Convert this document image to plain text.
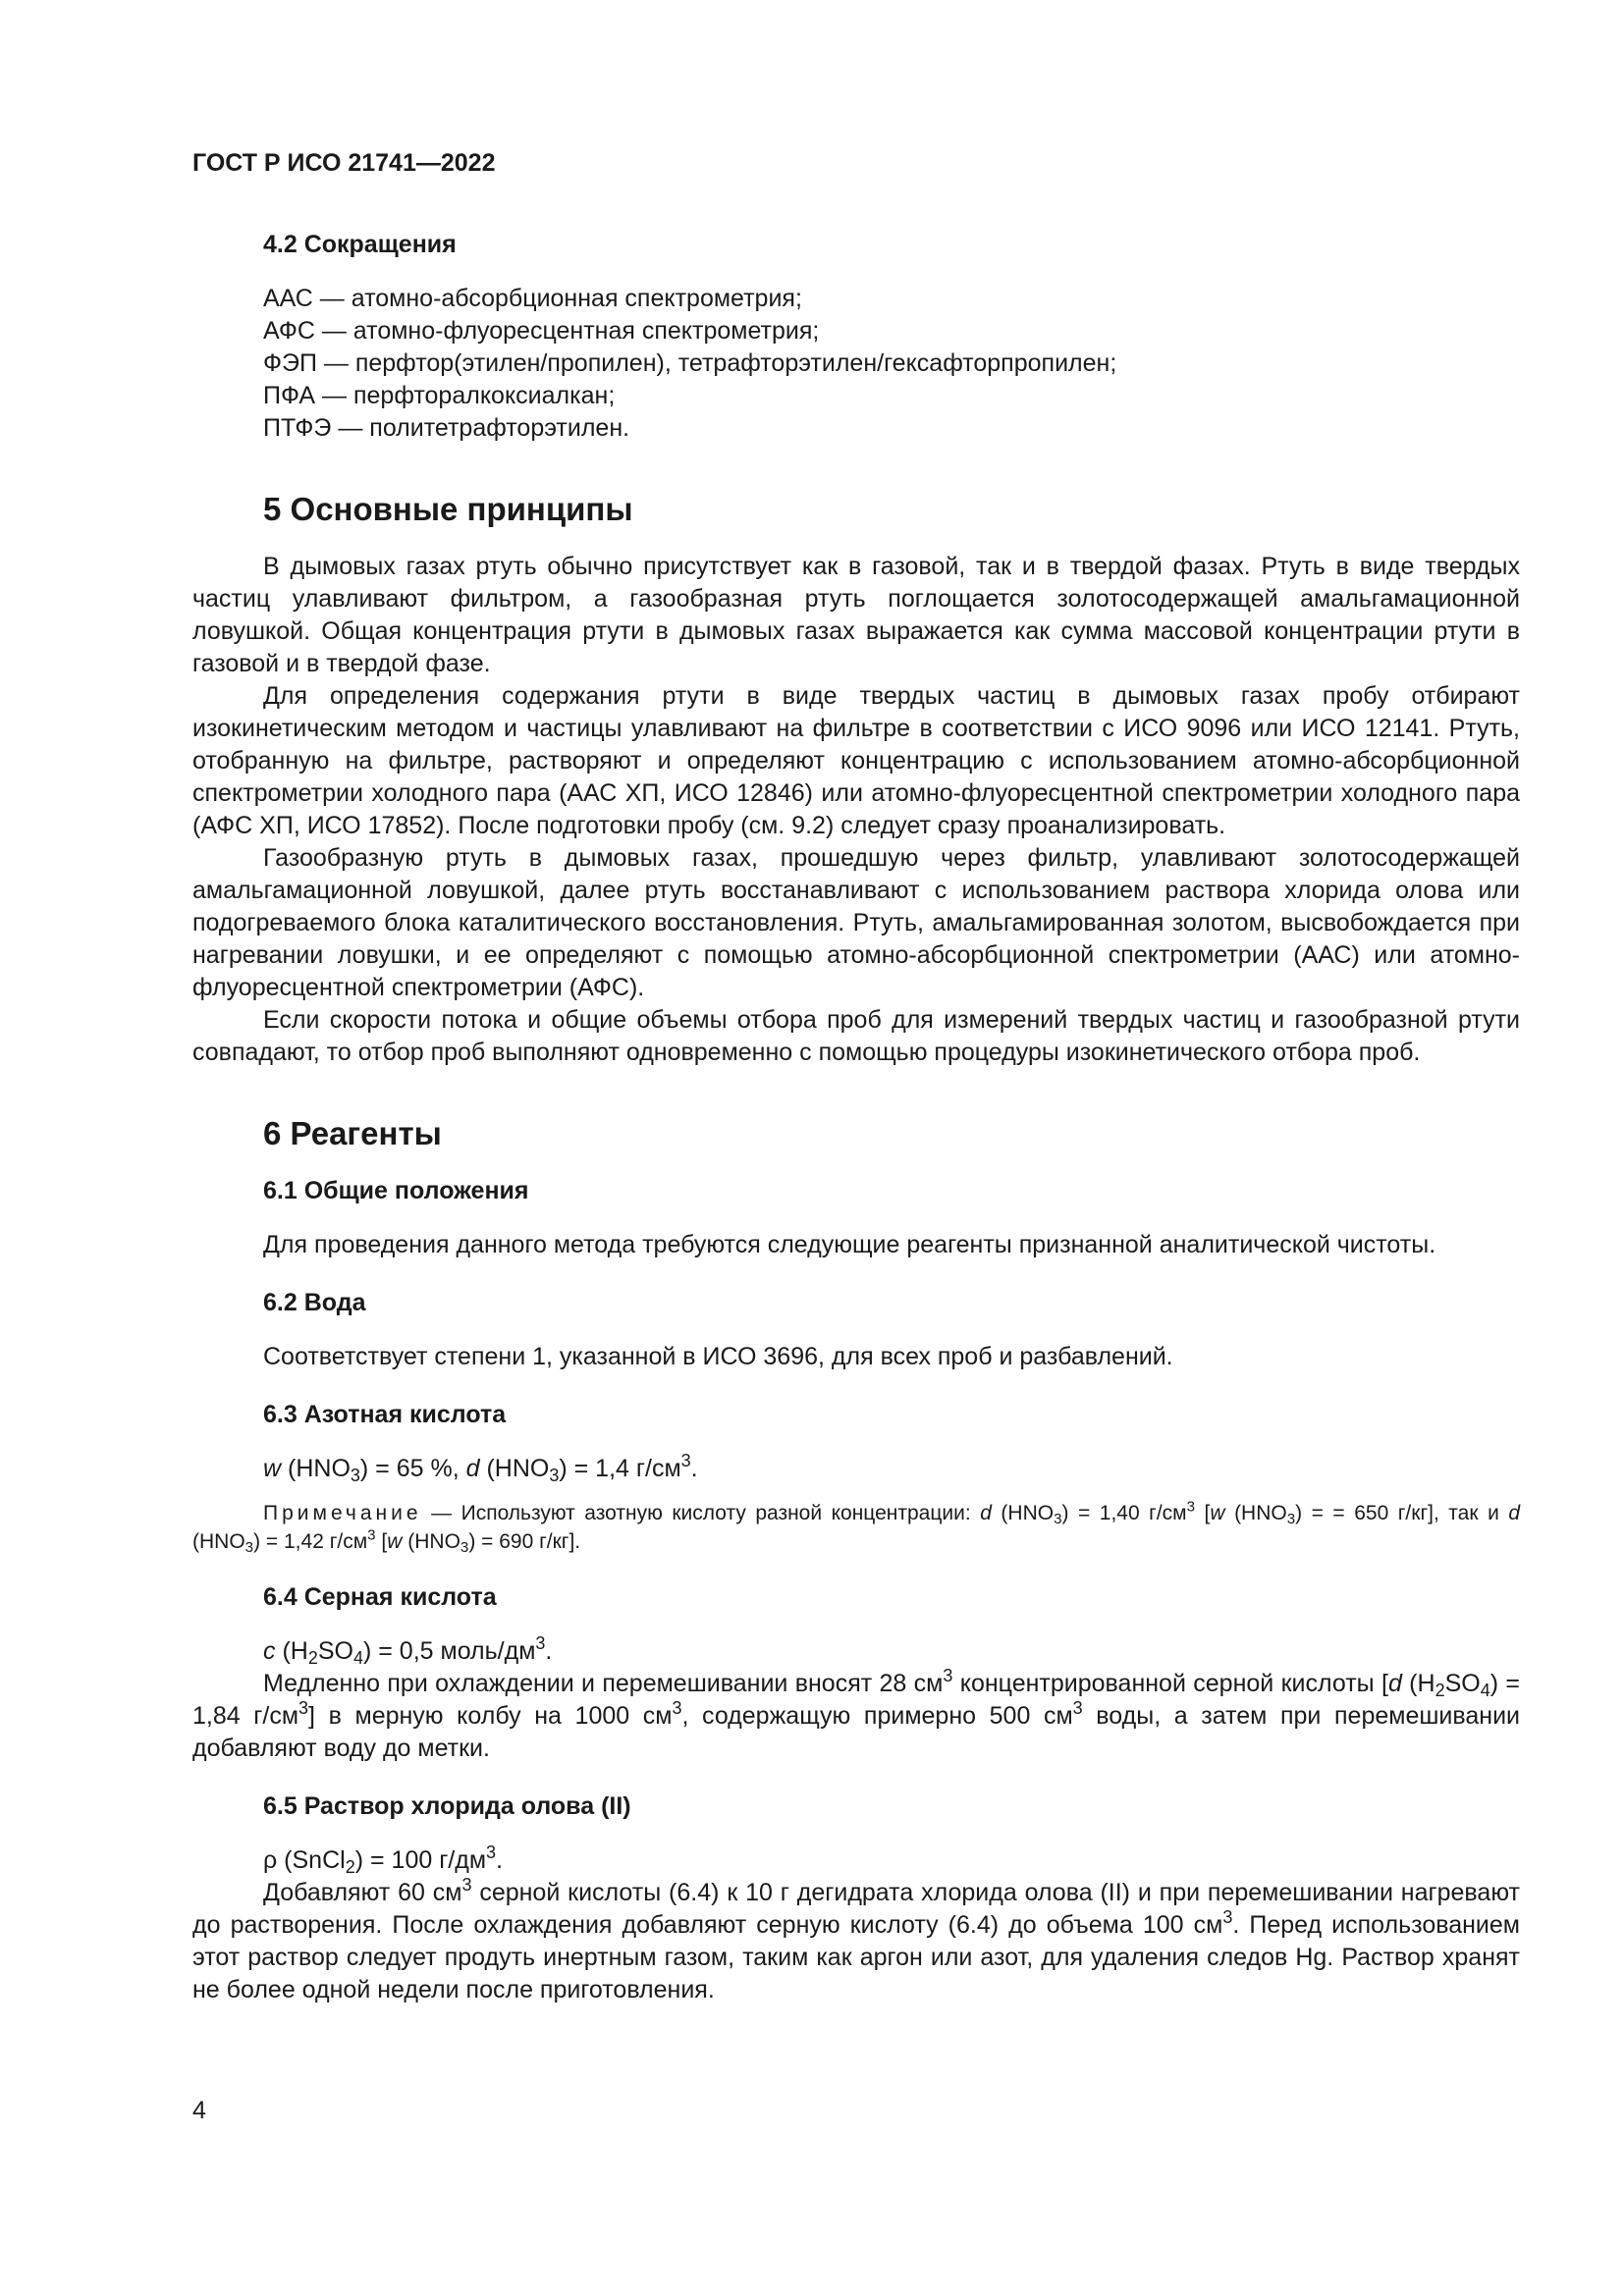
ГОСТ Р ИСО 21741—2022
4.2 Сокращения

ААС — атомно-абсорбционная спектрометрия;

АФС — атомно-флуоресцентная спектрометрия;

ФЭП — перфтор(этилен/пропилен), тетрафторэтилен/гексафторпропилен;

ПФА — перфторалкоксиалкан;

ПТФЭ — политетрафторэтилен.

5 Основные принципы

В дымовых газах ртуть обычно присутствует как в газовой, так и в твердой фазах. Ртуть в виде твердых частиц улавливают фильтром, а газообразная ртуть поглощается золотосодержащей амальгамационной ловушкой. Общая концентрация ртути в дымовых газах выражается как сумма массовой концентрации ртути в газовой и в твердой фазе.

Для определения содержания ртути в виде твердых частиц в дымовых газах пробу отбирают изокинетическим методом и частицы улавливают на фильтре в соответствии с ИСО 9096 или ИСО 12141. Ртуть, отобранную на фильтре, растворяют и определяют концентрацию с использованием атомно-абсорбционной спектрометрии холодного пара (ААС ХП, ИСО 12846) или атомно-флуоресцентной спектрометрии холодного пара (АФС ХП, ИСО 17852). После подготовки пробу (см. 9.2) следует сразу проанализировать.

Газообразную ртуть в дымовых газах, прошедшую через фильтр, улавливают золотосодержащей амальгамационной ловушкой, далее ртуть восстанавливают с использованием раствора хлорида олова или подогреваемого блока каталитического восстановления. Ртуть, амальгамированная золотом, высвобождается при нагревании ловушки, и ее определяют с помощью атомно-абсорбционной спектрометрии (ААС) или атомно-флуоресцентной спектрометрии (АФС).

Если скорости потока и общие объемы отбора проб для измерений твердых частиц и газообразной ртути совпадают, то отбор проб выполняют одновременно с помощью процедуры изокинетического отбора проб.

6 Реагенты
6.1 Общие положения

Для проведения данного метода требуются следующие реагенты признанной аналитической чистоты.

6.2 Вода

Соответствует степени 1, указанной в ИСО 3696, для всех проб и разбавлений.

6.3 Азотная кислота

w $(HNO_3) = 65$ %, d $(HNO_3) = 1,4$ $г/см^3$.

Примечание — Используют азотную кислоту разной концентрации: d $(HNO_3) = 1,40$ $г/см^3$ [w $(HNO_3)$ = = 650 г/кг], так и d $(HNO_3) = 1,42$ $г/см^3$ [w $(HNO_3) = 690$ г/кг].

6.4 Серная кислота

c $(H_2SO_4) = 0,5$ моль/$дм^3$.

Медленно при охлаждении и перемешивании вносят 28 $см^3$ концентрированной серной кислоты [d $(H_2SO_4) = 1,84$ $г/см^3$] в мерную колбу на 1000 $см^3$, содержащую примерно 500 $см^3$ воды, а затем при перемешивании добавляют воду до метки.

6.5 Раствор хлорида олова (II)

ρ (SnCl$_2$) = 100 $г/дм^3$.

Добавляют 60 $см^3$ серной кислоты (6.4) к 10 г дегидрата хлорида олова (II) и при перемешивании нагревают до растворения. После охлаждения добавляют серную кислоту (6.4) до объема 100 $см^3$. Перед использованием этот раствор следует продуть инертным газом, таким как аргон или азот, для удаления следов Hg. Раствор хранят не более одной недели после приготовления.

4
